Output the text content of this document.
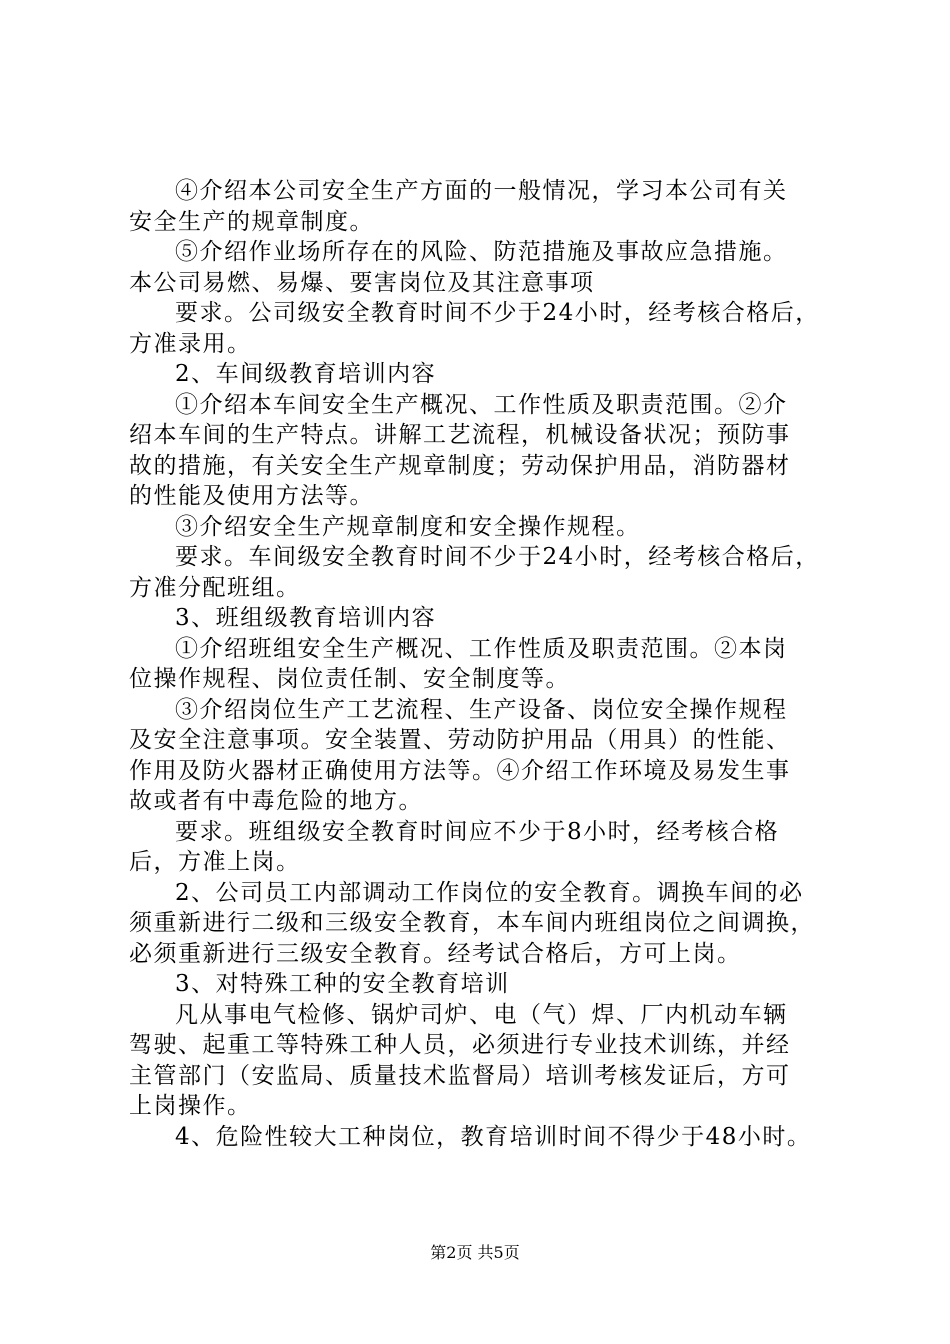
④介绍本公司安全生产方面的一般情况，学习本公司有关
安全生产的规章制度。
⑤介绍作业场所存在的风险、防范措施及事故应急措施。
本公司易燃、易爆、要害岗位及其注意事项
要求。公司级安全教育时间不少于24小时，经考核合格后，
方准录用。
2、车间级教育培训内容
①介绍本车间安全生产概况、工作性质及职责范围。②介
绍本车间的生产特点。讲解工艺流程，机械设备状况；预防事
故的措施，有关安全生产规章制度；劳动保护用品，消防器材
的性能及使用方法等。
③介绍安全生产规章制度和安全操作规程。
要求。车间级安全教育时间不少于24小时，经考核合格后，
方准分配班组。
3、班组级教育培训内容
①介绍班组安全生产概况、工作性质及职责范围。②本岗
位操作规程、岗位责任制、安全制度等。
③介绍岗位生产工艺流程、生产设备、岗位安全操作规程
及安全注意事项。安全装置、劳动防护用品（用具）的性能、
作用及防火器材正确使用方法等。④介绍工作环境及易发生事
故或者有中毒危险的地方。
要求。班组级安全教育时间应不少于8小时，经考核合格
后，方准上岗。
2、公司员工内部调动工作岗位的安全教育。调换车间的必
须重新进行二级和三级安全教育，本车间内班组岗位之间调换，
必须重新进行三级安全教育。经考试合格后，方可上岗。
3、对特殊工种的安全教育培训
凡从事电气检修、锅炉司炉、电（气）焊、厂内机动车辆
驾驶、起重工等特殊工种人员，必须进行专业技术训练，并经
主管部门（安监局、质量技术监督局）培训考核发证后，方可
上岗操作。
4、危险性较大工种岗位，教育培训时间不得少于48小时。
第2页 共5页
